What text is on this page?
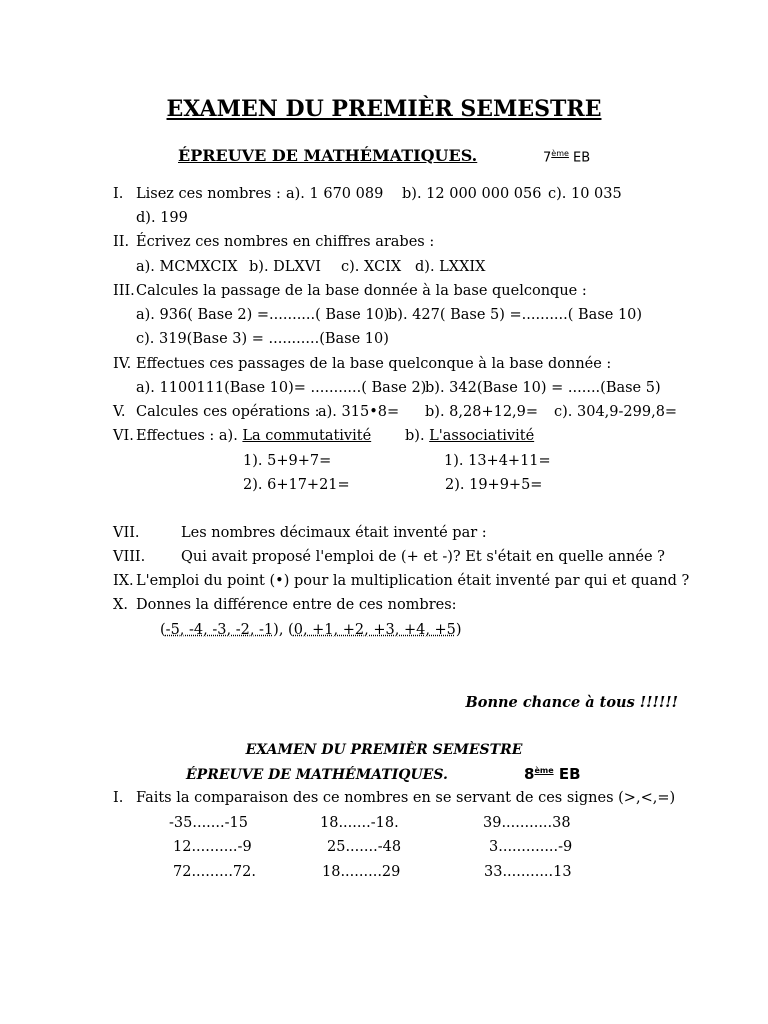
EXAMEN DU PREMIÈR SEMESTRE
ÉPREUVE DE MATHÉMATIQUES.	7ème EB
I. Lisez ces nombres : a). 1 670 089 b). 12 000 000 056 c). 10 035
d). 199
II. Écrivez ces nombres en chiffres arabes :
a). MCMXCIX b). DLXVI c). XCIX d). LXXIX
III.Calcules la passage de la base donnée à la base quelconque :
a). 936( Base 2) =..........( Base 10)
b). 427( Base 5) =..........( Base 10)
c). 319(Base 3) = ...........(Base 10)
IV. Effectues ces passages de la base quelconque à la base donnée :
a). 1100111(Base 10)= ...........( Base 2)
b). 342(Base 10) = .......(Base 5)
V. Calcules ces opérations :
a). 315•8= b). 8,28+12,9= c). 304,9-299,8=
VI. Effectues : a). La commutativité b). L'associativité
1). 5+9+7=	1). 13+4+11=
2). 6+17+21=	2). 19+9+5=
VII.	Les nombres décimaux était inventé par :
VIII. Qui avait proposé l'emploi de (+ et -)? Et s'était en quelle année ?
IX. L'emploi du point (•) pour la multiplication était inventé par qui et quand ?
X. Donnes la différence entre de ces nombres:
(-5, -4, -3, -2, -1), (0, +1, +2, +3, +4, +5)
Bonne chance à tous !!!!!!
EXAMEN DU PREMIÈR SEMESTRE
ÉPREUVE DE MATHÉMATIQUES.	8ème EB
I. Faits la comparaison des ce nombres en se servant de ces signes (>,<,=)
-35.......-15	18.......-18.	39...........38
12..........-9	25.......-48	3.............-9
72.........72.	18.........29	33...........13
